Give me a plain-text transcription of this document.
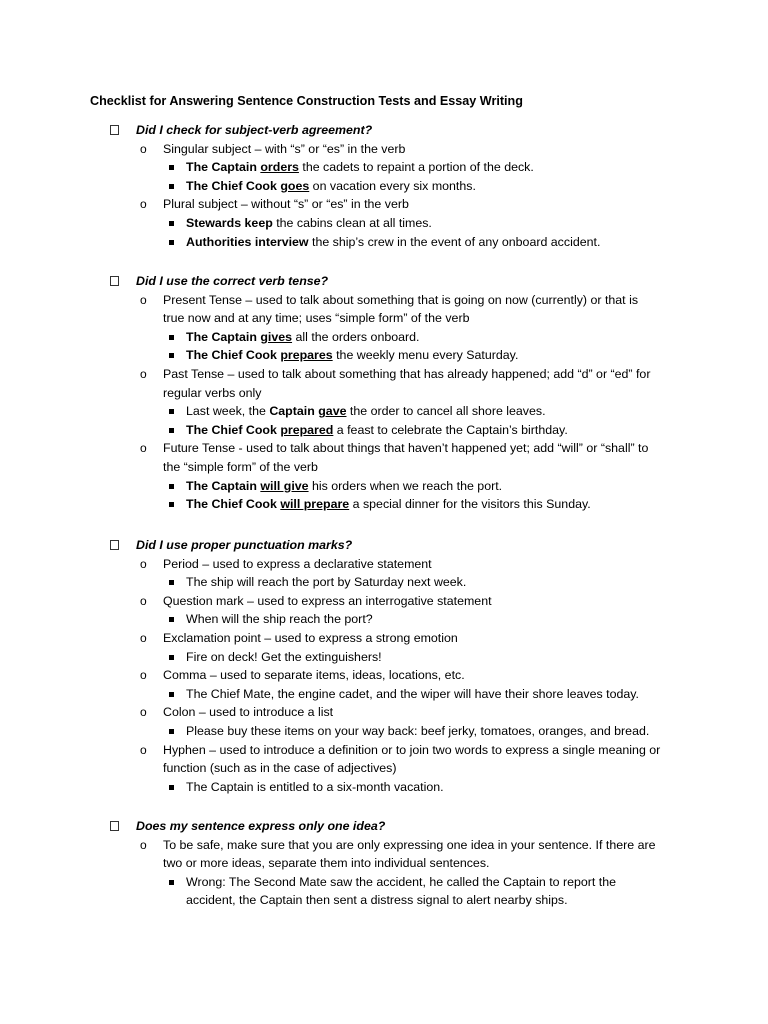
Checklist for Answering Sentence Construction Tests and Essay Writing
Did I check for subject-verb agreement?
o Singular subject – with “s” or “es” in the verb
The Captain orders the cadets to repaint a portion of the deck.
The Chief Cook goes on vacation every six months.
o Plural subject – without “s” or “es” in the verb
Stewards keep the cabins clean at all times.
Authorities interview the ship’s crew in the event of any onboard accident.
Did I use the correct verb tense?
o Present Tense – used to talk about something that is going on now (currently) or that is
true now and at any time; uses “simple form” of the verb
The Captain gives all the orders onboard.
The Chief Cook prepares the weekly menu every Saturday.
o Past Tense – used to talk about something that has already happened; add “d” or “ed” for
regular verbs only
Last week, the Captain gave the order to cancel all shore leaves.
The Chief Cook prepared a feast to celebrate the Captain’s birthday.
o Future Tense - used to talk about things that haven’t happened yet; add “will” or “shall” to
the “simple form” of the verb
The Captain will give his orders when we reach the port.
The Chief Cook will prepare a special dinner for the visitors this Sunday.
Did I use proper punctuation marks?
o Period – used to express a declarative statement
The ship will reach the port by Saturday next week.
o Question mark – used to express an interrogative statement
When will the ship reach the port?
o Exclamation point – used to express a strong emotion
Fire on deck! Get the extinguishers!
o Comma – used to separate items, ideas, locations, etc.
The Chief Mate, the engine cadet, and the wiper will have their shore leaves today.
o Colon – used to introduce a list
Please buy these items on your way back: beef jerky, tomatoes, oranges, and bread.
o Hyphen – used to introduce a definition or to join two words to express a single meaning or
function (such as in the case of adjectives)
The Captain is entitled to a six-month vacation.
Does my sentence express only one idea?
o To be safe, make sure that you are only expressing one idea in your sentence. If there are
two or more ideas, separate them into individual sentences.
Wrong: The Second Mate saw the accident, he called the Captain to report the
accident, the Captain then sent a distress signal to alert nearby ships.
